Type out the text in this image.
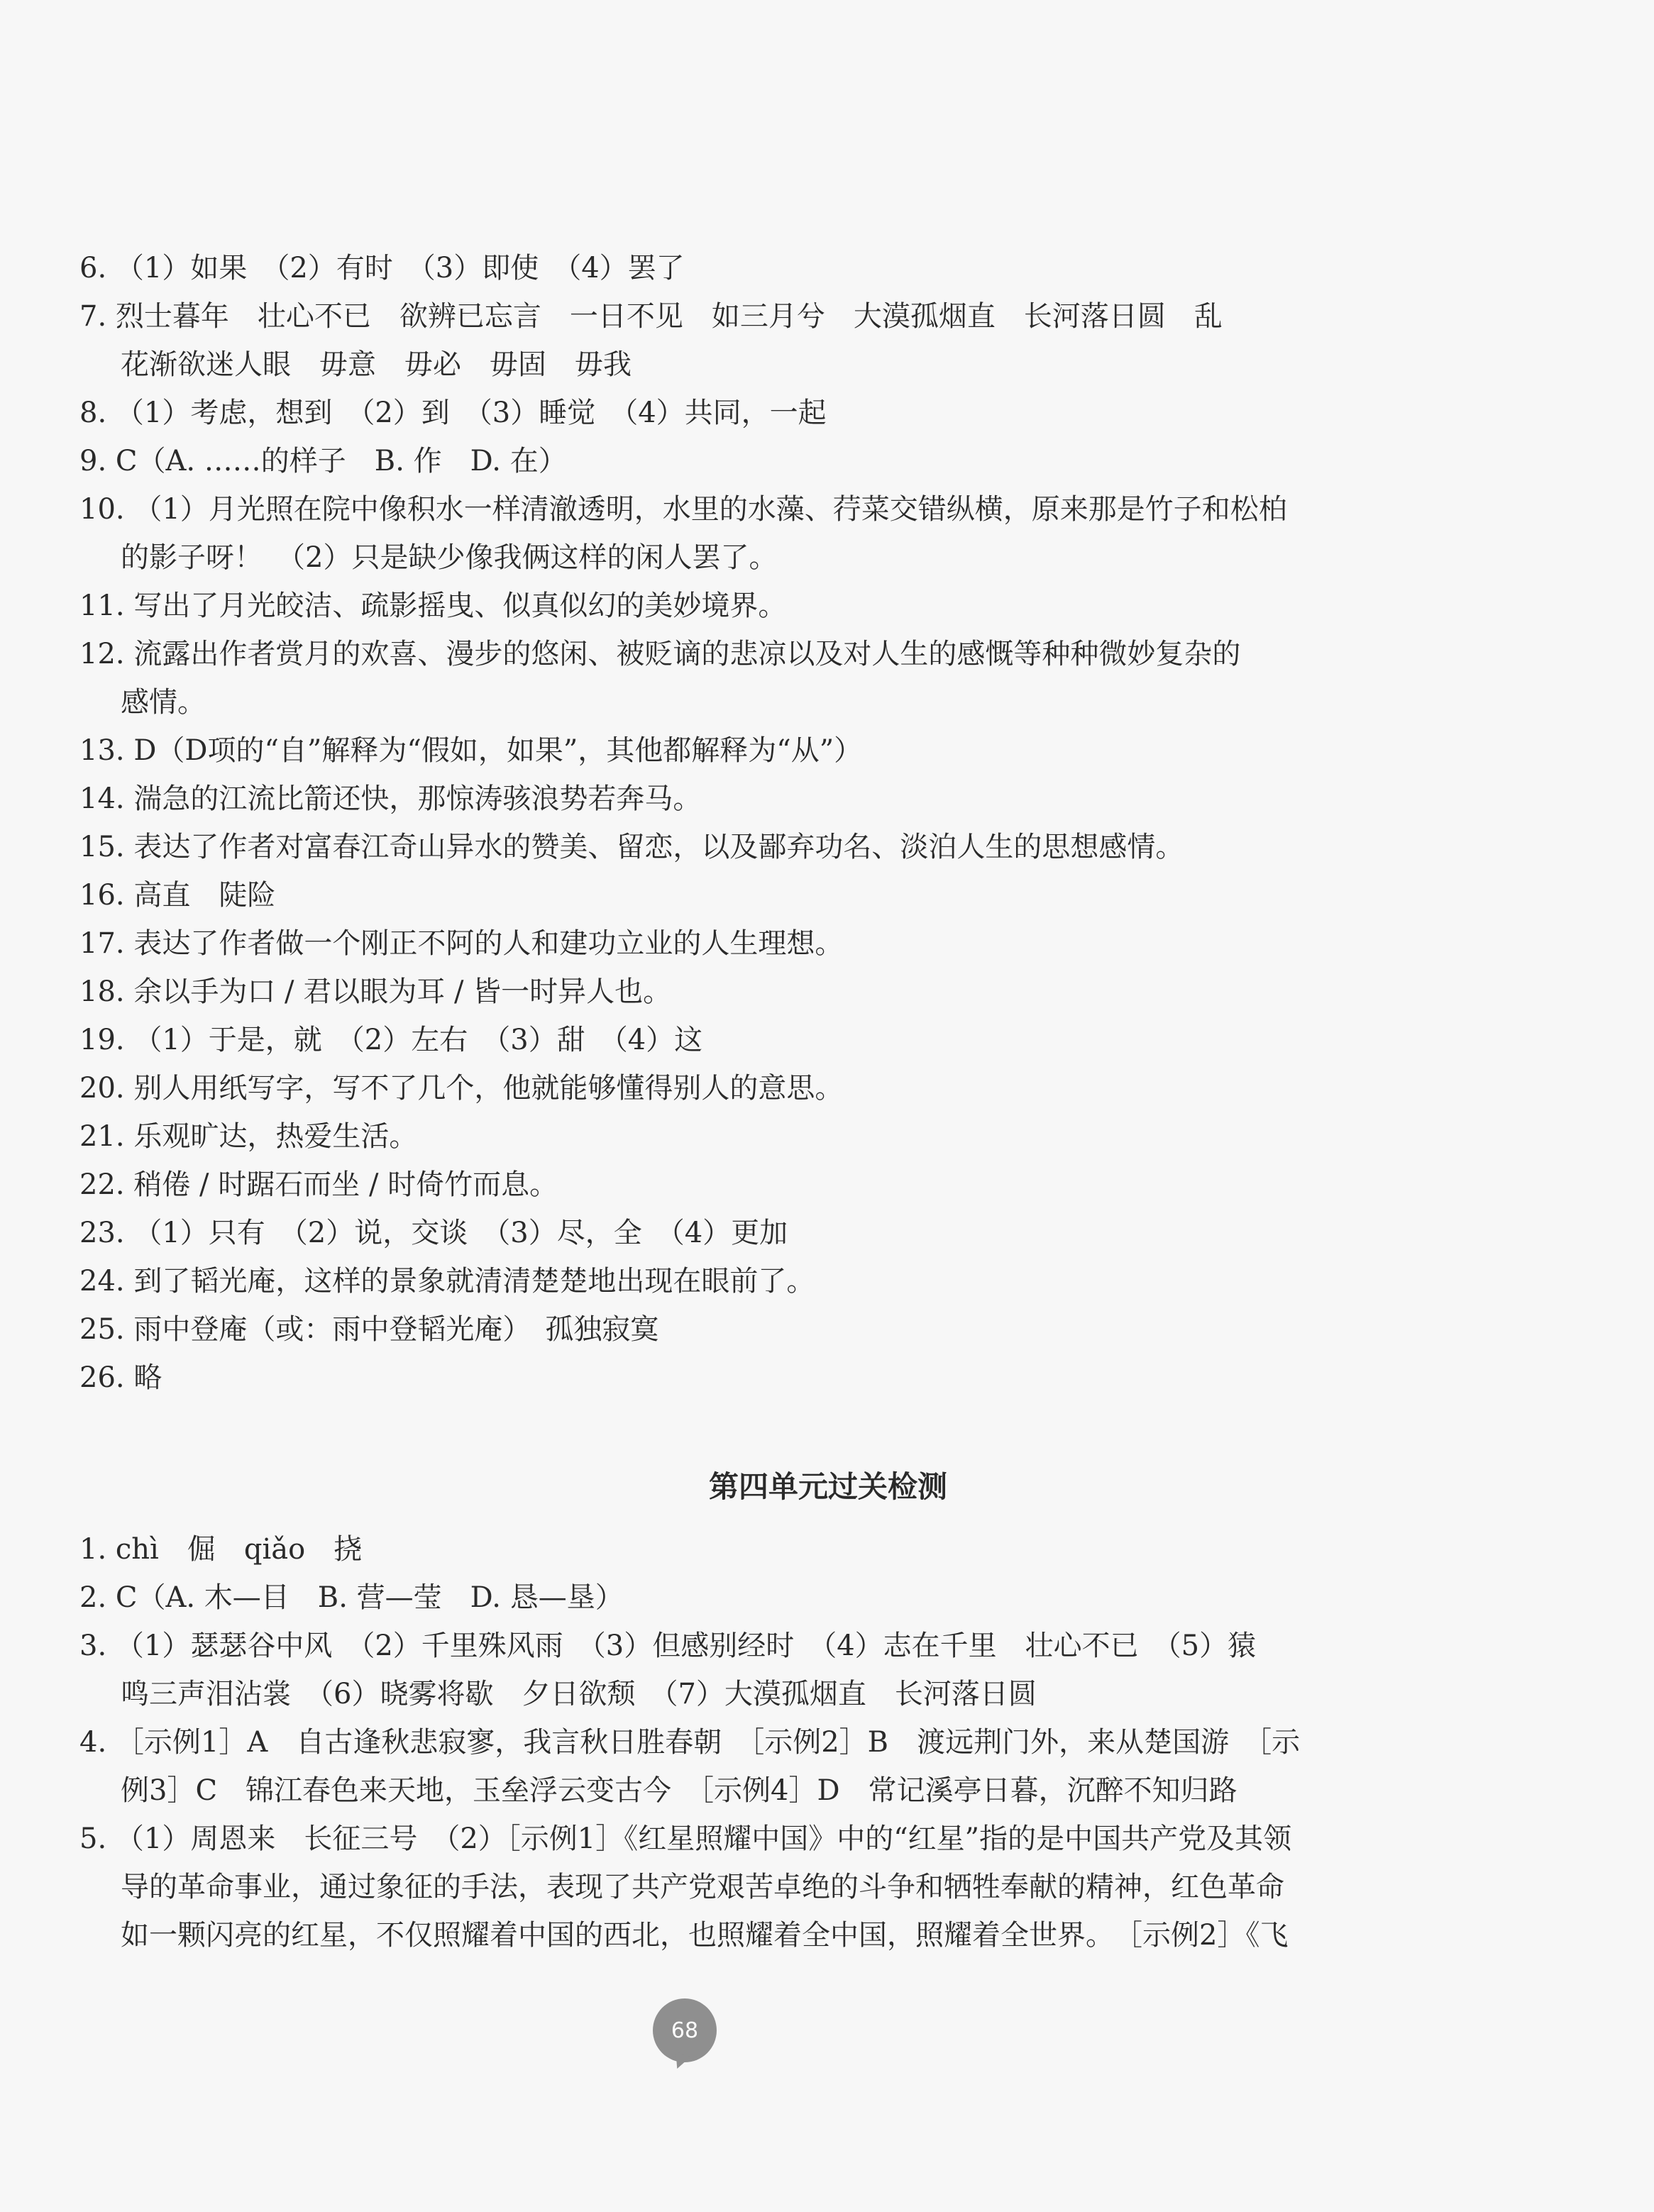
6. （1）如果　（2）有时　（3）即使　（4）罢了
7. 烈士暮年　壮心不已　欲辨已忘言　一日不见　如三月兮　大漠孤烟直　长河落日圆　乱
花渐欲迷人眼　毋意　毋必　毋固　毋我
8. （1）考虑，想到　（2）到　（3）睡觉　（4）共同，一起
9. C（A. ……的样子　B. 作　D. 在）
10. （1）月光照在院中像积水一样清澈透明，水里的水藻、荇菜交错纵横，原来那是竹子和松柏
的影子呀！　（2）只是缺少像我俩这样的闲人罢了。
11. 写出了月光皎洁、疏影摇曳、似真似幻的美妙境界。
12. 流露出作者赏月的欢喜、漫步的悠闲、被贬谪的悲凉以及对人生的感慨等种种微妙复杂的
感情。
13. D（D项的“自”解释为“假如，如果”，其他都解释为“从”）
14. 湍急的江流比箭还快，那惊涛骇浪势若奔马。
15. 表达了作者对富春江奇山异水的赞美、留恋，以及鄙弃功名、淡泊人生的思想感情。
16. 高直　陡险
17. 表达了作者做一个刚正不阿的人和建功立业的人生理想。
18. 余以手为口 / 君以眼为耳 / 皆一时异人也。
19. （1）于是，就　（2）左右　（3）甜　（4）这
20. 别人用纸写字，写不了几个，他就能够懂得别人的意思。
21. 乐观旷达，热爱生活。
22. 稍倦 / 时踞石而坐 / 时倚竹而息。
23. （1）只有　（2）说，交谈　（3）尽，全　（4）更加
24. 到了韬光庵，这样的景象就清清楚楚地出现在眼前了。
25. 雨中登庵（或：雨中登韬光庵）　孤独寂寞
26. 略
第四单元过关检测
1. chì　倔　qiǎo　挠
2. C（A. 木—目　B. 营—莹　D. 恳—垦）
3. （1）瑟瑟谷中风　（2）千里殊风雨　（3）但感别经时　（4）志在千里　壮心不已　（5）猿
鸣三声泪沾裳　（6）晓雾将歇　夕日欲颓　（7）大漠孤烟直　长河落日圆
4. ［示例1］A　自古逢秋悲寂寥，我言秋日胜春朝　［示例2］B　渡远荆门外，来从楚国游　［示
例3］C　锦江春色来天地，玉垒浮云变古今　［示例4］D　常记溪亭日暮，沉醉不知归路
5. （1）周恩来　长征三号　（2）［示例1］《红星照耀中国》中的“红星”指的是中国共产党及其领
导的革命事业，通过象征的手法，表现了共产党艰苦卓绝的斗争和牺牲奉献的精神，红色革命
如一颗闪亮的红星，不仅照耀着中国的西北，也照耀着全中国，照耀着全世界。　［示例2］《飞
68
